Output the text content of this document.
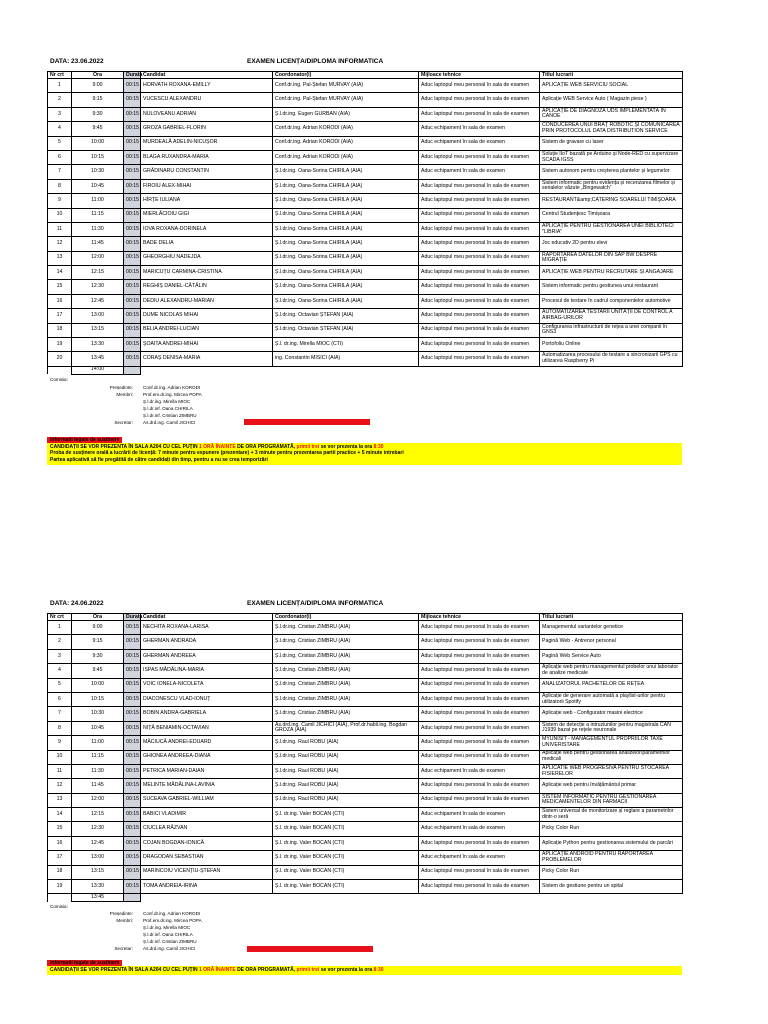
DATA: 23.06.2022	EXAMEN LICENȚA/DIPLOMA INFORMATICA
Nr crt	Ora	Durata	Candidat	Coordonator(i)	Mijloace tehnice	Titlul lucrarii
1	9:00	00:15	HORVATH ROXANA-EMILLY	Conf.dr.ing. Pal-Ștefan MURVAY (AIA)	Aduc laptopul meu personal în sala de examen	APLICAȚIE WEB SERVICIU SOCIAL
2	9:15	00:15	VUCESCU ALEXANDRU	Conf.dr.ing. Pal-Ștefan MURVAY (AIA)	Aduc laptopul meu personal în sala de examen	Aplicație WEB Service Auto ( Magazin piese )
3	9:30	00:15	NULOVEANU ADRIAN	Ș.l.dr.ing. Eugen GURBAN (AIA)	Aduc laptopul meu personal în sala de examen	APLICAȚIE DE DIAGNOZĂ UDS IMPLEMENTATĂ ÎN CANOE
4	9:45	00:15	GROZA GABRIEL-FLORIN	Conf.dr.ing. Adrian KORODI (AIA)	Aduc echipament în sala de examen	CONDUCEREA UNUI BRAȚ ROBOTIC ȘI COMUNICAREA PRIN PROTOCOLUL DATA DISTRIBUTION SERVICE
5	10:00	00:15	MURDEALĂ ADELIN-NICUȘOR	Conf.dr.ing. Adrian KORODI (AIA)	Aduc echipament în sala de examen	Sistem de gravare cu laser
6	10:15	00:15	BLAGA RUXANDRA-MARIA	Conf.dr.ing. Adrian KORODI (AIA)	Aduc laptopul meu personal în sala de examen	Soluție IIoT bazată pe Arduino și Node-RED cu supervizare SCADA IGSS
7	10:30	00:15	GRĂDINARU CONSTANTIN	Ș.l.dr.ing. Oana-Sorina CHIRILA (AIA)	Aduc echipament în sala de examen	Sistem autonom pentru creșterea plantelor și legumelor
8	10:45	00:15	FIROIU ALEX-MIHAI	Ș.l.dr.ing. Oana-Sorina CHIRILA (AIA)	Aduc laptopul meu personal în sala de examen	Sistem informatic pentru evidența și recenzarea filmelor și serialelor văzute „Bingewatch”
9	11:00	00:15	HÎRȚE IULIANA	Ș.l.dr.ing. Oana-Sorina CHIRILA (AIA)	Aduc laptopul meu personal în sala de examen	RESTAURANT&amp;CATERING SOARELUI TIMIȘOARA
10	11:15	00:15	MIERLĂCIOIU GIGI	Ș.l.dr.ing. Oana-Sorina CHIRILA (AIA)	Aduc laptopul meu personal în sala de examen	Centrul Studențesc Timișoara
11	11:30	00:15	IOVA ROXANA-DORINELA	Ș.l.dr.ing. Oana-Sorina CHIRILA (AIA)	Aduc laptopul meu personal în sala de examen	APLICAȚIE PENTRU GESTIONAREA UNEI BIBLIOTECI "LIBRIA"
12	11:45	00:15	BADE DELIA	Ș.l.dr.ing. Oana-Sorina CHIRILA (AIA)	Aduc laptopul meu personal în sala de examen	Joc educativ 2D pentru elevi
13	12:00	00:15	GHEORGHIU NADEJDA	Ș.l.dr.ing. Oana-Sorina CHIRILA (AIA)	Aduc laptopul meu personal în sala de examen	RAPORTAREA DATELOR DIN SAP BW DESPRE MIGRAȚIE
14	12:15	00:15	MARICUȚU CARMINA-CRISTINA	Ș.l.dr.ing. Oana-Sorina CHIRILA (AIA)	Aduc laptopul meu personal în sala de examen	APLICAȚIE WEB PENTRU RECRUTARE ȘI ANGAJARE
15	12:30	00:15	REGHIȘ DANIEL-CĂTĂLIN	Ș.l.dr.ing. Oana-Sorina CHIRILA (AIA)	Aduc laptopul meu personal în sala de examen	Sistem informatic pentru gestiunea unui restaurant
16	12:45	00:15	DEDIU ALEXANDRU-MARIAN	Ș.l.dr.ing. Oana-Sorina CHIRILA (AIA)	Aduc laptopul meu personal în sala de examen	Procesul de testare în cadrul componentelor automotive
17	13:00	00:15	DUME NICOLAS MIHAI	Ș.l.dr.ing. Octavian ȘTEFAN (AIA)	Aduc laptopul meu personal în sala de examen	AUTOMATIZAREA TESTARII UNITĂȚII DE CONTROL A AIRBAG-URILOR
18	13:15	00:15	BELIA ANDREI-LUCIAN	Ș.l.dr.ing. Octavian ȘTEFAN (AIA)	Aduc laptopul meu personal în sala de examen	Configurarea infrastructurii de rețea a unei companii în GNS3
19	13:30	00:15	ȘOAITA ANDREI-MIHAI	Ș.l. dr.ing. Mirella MIOC (CTI)	Aduc laptopul meu personal în sala de examen	Portofoliu Online
20	13:45	00:15	CORAȘ DENISA-MARIA	ing. Constantin MISICI (AIA)	Aduc laptopul meu personal în sala de examen	Automatizarea procesului de testare a sincronizarii GPS cu utilizarea Raspberry Pi
	14:00					
Comisia:
Președinte: Conf.dr.ing. Adrian KORODI
Membri: Prof.em.dr.ing. Mircea POPA
Ș.l.dr.ing. Mirella MIOC
Ș.l.dr.inf. Oana CHIRILA
Ș.l.dr.inf. Cristian ZIMBRU
Secretar: As.drd.ing. Camil JICHICI
Informatii legate de sustinere
CANDIDAȚII SE VOR PREZENTA ÎN SALA A204 CU CEL PUȚIN 1 ORĂ ÎNAINTE DE ORA PROGRAMATĂ, primii trei se vor prezenta la ora 8:30
Proba de susținere orală a lucrării de licență: 7 minute pentru expunere (prezentare) + 3 minute pentru prezentarea partii practice + 5 minute intrebari
Partea aplicativă să fie pregătită de către candidați din timp, pentru a nu se crea temporizări
DATA: 24.06.2022	EXAMEN LICENȚA/DIPLOMA INFORMATICA
Nr crt	Ora	Durata	Candidat	Coordonator(i)	Mijloace tehnice	Titlul lucrarii
1	9:00	00:15	NECHITA ROXANA-LARISA	Ș.l.dr.ing. Cristian ZIMBRU (AIA)	Aduc laptopul meu personal în sala de examen	Managementul variantelor genetice
2	9:15	00:15	GHERMAN ANDRADA	Ș.l.dr.ing. Cristian ZIMBRU (AIA)	Aduc laptopul meu personal în sala de examen	Pagină Web - Antrenor personal
3	9:30	00:15	GHERMAN ANDREEA	Ș.l.dr.ing. Cristian ZIMBRU (AIA)	Aduc laptopul meu personal în sala de examen	Pagină Web Service Auto
4	9:45	00:15	ISPAS MĂDĂLINA-MARIA	Ș.l.dr.ing. Cristian ZIMBRU (AIA)	Aduc laptopul meu personal în sala de examen	Aplicație web pentru managementul probelor unui laborator de analize medicale
5	10:00	00:15	VOIC IONELA-NICOLETA	Ș.l.dr.ing. Cristian ZIMBRU (AIA)	Aduc laptopul meu personal în sala de examen	ANALIZATORUL PACHETELOR DE REȚEA
6	10:15	00:15	DIACONESCU VLAD-IONUȚ	Ș.l.dr.ing. Cristian ZIMBRU (AIA)	Aduc laptopul meu personal în sala de examen	Aplicație de generare automată a playlist-urilor pentru utilizatorii Spotify
7	10:30	00:15	BOBIN ANDRA-GABRIELA	Ș.l.dr.ing. Cristian ZIMBRU (AIA)	Aduc laptopul meu personal în sala de examen	Aplicație web - Configurator masini electrice
8	10:45	00:15	NIȚĂ BENIAMIN-OCTAVIAN	As.drd.ing. Camil JICHICI (AIA), Prof.dr.habil.ing. Bogdan GROZA (AIA)	Aduc laptopul meu personal în sala de examen	Sistem de detecție a intruziunilor pentru magistrala CAN J1939 bazat pe rețele neuronale
9	11:00	00:15	MĂCIUCĂ ANDREI-EDUARD	Ș.l.dr.ing. Raul ROBU (AIA)	Aduc laptopul meu personal în sala de examen	MYUNISIT - MANAGEMENTUL PROPRIILOR TAXE UNIVERISTARE
10	11:15	00:15	GHIONEA ANDREEA-DIANA	Ș.l.dr.ing. Raul ROBU (AIA)	Aduc laptopul meu personal în sala de examen	Aplicație web pentru gestionarea analizelor/parametrilor medicali
11	11:30	00:15	PETRICA MARIAN-DAIAN	Ș.l.dr.ing. Raul ROBU (AIA)	Aduc echipament în sala de examen	APLICATIE WEB PROGRESIVA PENTRU STOCAREA FISIERELOR
12	11:45	00:15	MELINTE MĂDĂLINA-LAVINIA	Ș.l.dr.ing. Raul ROBU (AIA)	Aduc laptopul meu personal în sala de examen	Aplicație web pentru învățământul primar
13	12:00	00:15	SUCEAVA GABRIEL-WILLIAM	Ș.l.dr.ing. Raul ROBU (AIA)	Aduc laptopul meu personal în sala de examen	SISTEM INFORMATIC PENTRU GESTIONAREA MEDICAMENTELOR DIN FARMACII
14	12:15	00:15	BABICI VLADIMIR	Ș.l. dr.ing. Valer BOCAN (CTI)	Aduc echipament în sala de examen	Sistem universal de monitorizare și reglare a parametrilor dintr-o seră
15	12:30	00:15	CIUCLEA RĂZVAN	Ș.l. dr.ing. Valer BOCAN (CTI)	Aduc echipament în sala de examen	Picky Color Run
16	12:45	00:15	COJAN BOGDAN-IONICĂ	Ș.l. dr.ing. Valer BOCAN (CTI)	Aduc laptopul meu personal în sala de examen	Aplicație Python pentru gestionarea sistemului de parcări
17	13:00	00:15	DRAGODAN SEBASTIAN	Ș.l. dr.ing. Valer BOCAN (CTI)	Aduc echipament în sala de examen	APLICAȚIE ANDROID PENTRU RAPORTAREA PROBLEMELOR
18	13:15	00:15	MARINCOIU VICENȚIU-ȘTEFAN	Ș.l. dr.ing. Valer BOCAN (CTI)	Aduc laptopul meu personal în sala de examen	Picky Color Run
19	13:30	00:15	TOMA ANDREIA-IRINA	Ș.l. dr.ing. Valer BOCAN (CTI)	Aduc laptopul meu personal în sala de examen	Sistem de gestiune pentru un spital
	13:45					
Comisia:
Președinte: Conf.dr.ing. Adrian KORODI
Membri: Prof.em.dr.ing. Mircea POPA
Ș.l.dr.ing. Mirella MIOC
Ș.l.dr.inf. Oana CHIRILA
Ș.l.dr.inf. Cristian ZIMBRU
Secretar: As.drd.ing. Camil JICHICI
Informatii legate de sustinere
CANDIDAȚII SE VOR PREZENTA ÎN SALA A204 CU CEL PUȚIN 1 ORĂ ÎNAINTE DE ORA PROGRAMATĂ, primii trei se vor prezenta la ora 8:30
